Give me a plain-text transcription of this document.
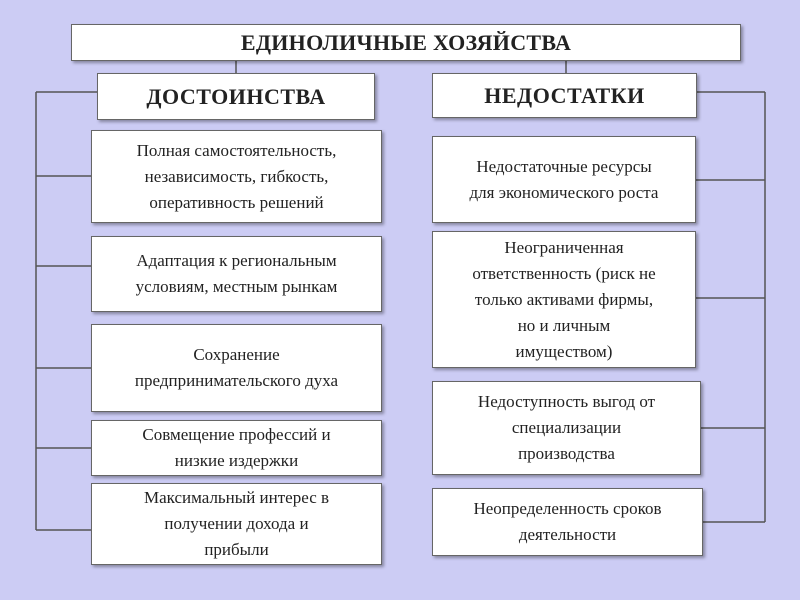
ЕДИНОЛИЧНЫЕ ХОЗЯЙСТВА
ДОСТОИНСТВА	НЕДОСТАТКИ
Полная самостоятельность,
независимость, гибкость,
оперативность решений
Адаптация к региональным
условиям, местным рынкам
Сохранение
предпринимательского духа
Совмещение профессий и
низкие издержки
Максимальный интерес в
получении дохода и
прибыли
Недостаточные ресурсы
для экономического роста
Неограниченная
ответственность (риск не
только активами фирмы,
но и личным
имуществом)
Недоступность выгод от
специализации
производства
Неопределенность сроков
деятельности
